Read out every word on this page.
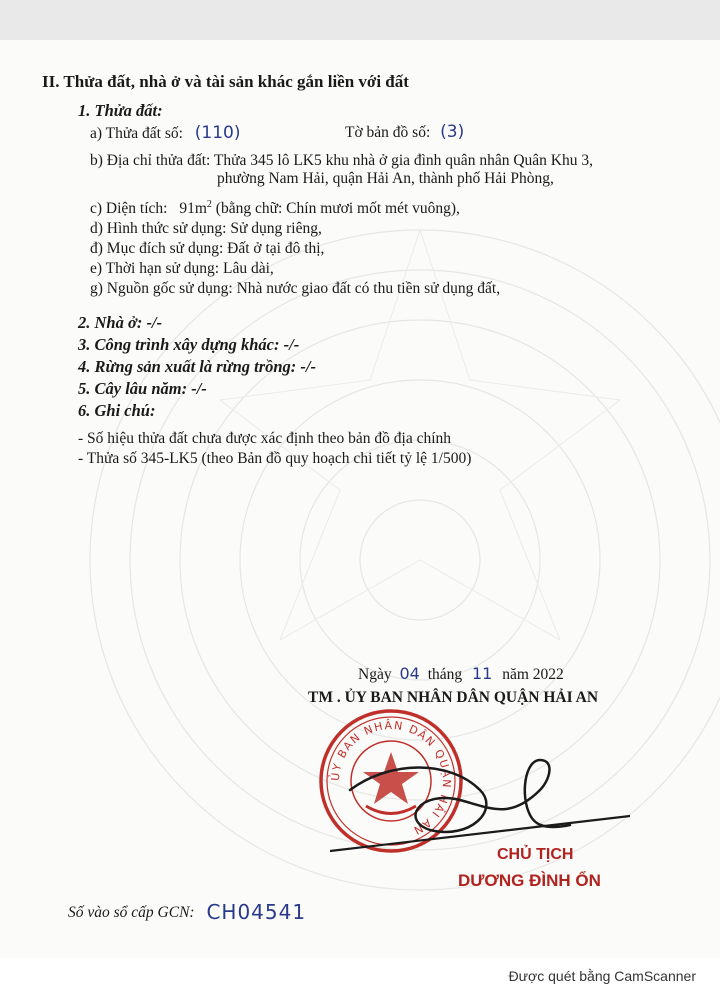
II. Thửa đất, nhà ở và tài sản khác gắn liền với đất
1. Thửa đất:
a) Thửa đất số: (110)	Tờ bản đồ số: (3)
b) Địa chỉ thửa đất: Thửa 345 lô LK5 khu nhà ở gia đình quân nhân Quân Khu 3,
phường Nam Hải, quận Hải An, thành phố Hải Phòng,
c) Diện tích: $91m^2$ (bằng chữ: Chín mươi mốt mét vuông),
d) Hình thức sử dụng: Sử dụng riêng,
đ) Mục đích sử dụng: Đất ở tại đô thị,
e) Thời hạn sử dụng: Lâu dài,
g) Nguồn gốc sử dụng: Nhà nước giao đất có thu tiền sử dụng đất,
2. Nhà ở: -/-
3. Công trình xây dựng khác: -/-
4. Rừng sản xuất là rừng trồng: -/-
5. Cây lâu năm: -/-
6. Ghi chú:
- Số hiệu thửa đất chưa được xác định theo bản đồ địa chính
- Thửa số 345-LK5 (theo Bản đồ quy hoạch chi tiết tỷ lệ 1/500)
Ngày 04 tháng 11 năm 2022
TM . ỦY BAN NHÂN DÂN QUẬN HẢI AN
ỦY BAN NHÂN DÂN QUẬN HẢI AN
CHỦ TỊCH
DƯƠNG ĐÌNH ỔN
Số vào sổ cấp GCN: CH04541
Được quét bằng CamScanner
